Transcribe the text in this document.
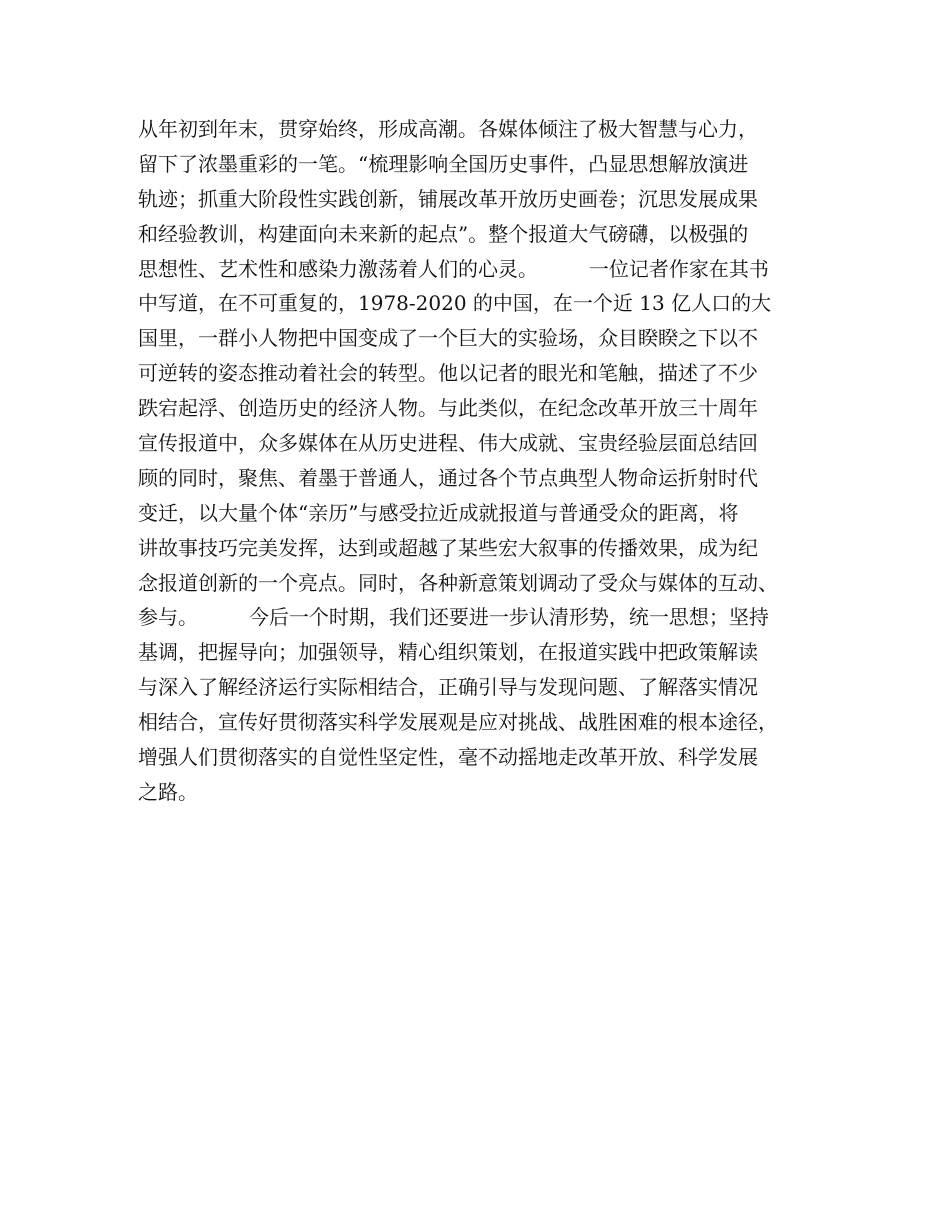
从年初到年末，贯穿始终，形成高潮。各媒体倾注了极大智慧与心力，
留下了浓墨重彩的一笔。“梳理影响全国历史事件，凸显思想解放演进
轨迹；抓重大阶段性实践创新，铺展改革开放历史画卷；沉思发展成果
和经验教训，构建面向未来新的起点”。整个报道大气磅礴，以极强的
思想性、艺术性和感染力激荡着人们的心灵。        一位记者作家在其书
中写道，在不可重复的，1978-2020 的中国，在一个近 13 亿人口的大
国里，一群小人物把中国变成了一个巨大的实验场，众目睽睽之下以不
可逆转的姿态推动着社会的转型。他以记者的眼光和笔触，描述了不少
跌宕起浮、创造历史的经济人物。与此类似，在纪念改革开放三十周年
宣传报道中，众多媒体在从历史进程、伟大成就、宝贵经验层面总结回
顾的同时，聚焦、着墨于普通人，通过各个节点典型人物命运折射时代
变迁，以大量个体“亲历”与感受拉近成就报道与普通受众的距离，将
讲故事技巧完美发挥，达到或超越了某些宏大叙事的传播效果，成为纪
念报道创新的一个亮点。同时，各种新意策划调动了受众与媒体的互动、
参与。        今后一个时期，我们还要进一步认清形势，统一思想；坚持
基调，把握导向；加强领导，精心组织策划，在报道实践中把政策解读
与深入了解经济运行实际相结合，正确引导与发现问题、了解落实情况
相结合，宣传好贯彻落实科学发展观是应对挑战、战胜困难的根本途径，
增强人们贯彻落实的自觉性坚定性，毫不动摇地走改革开放、科学发展
之路。
